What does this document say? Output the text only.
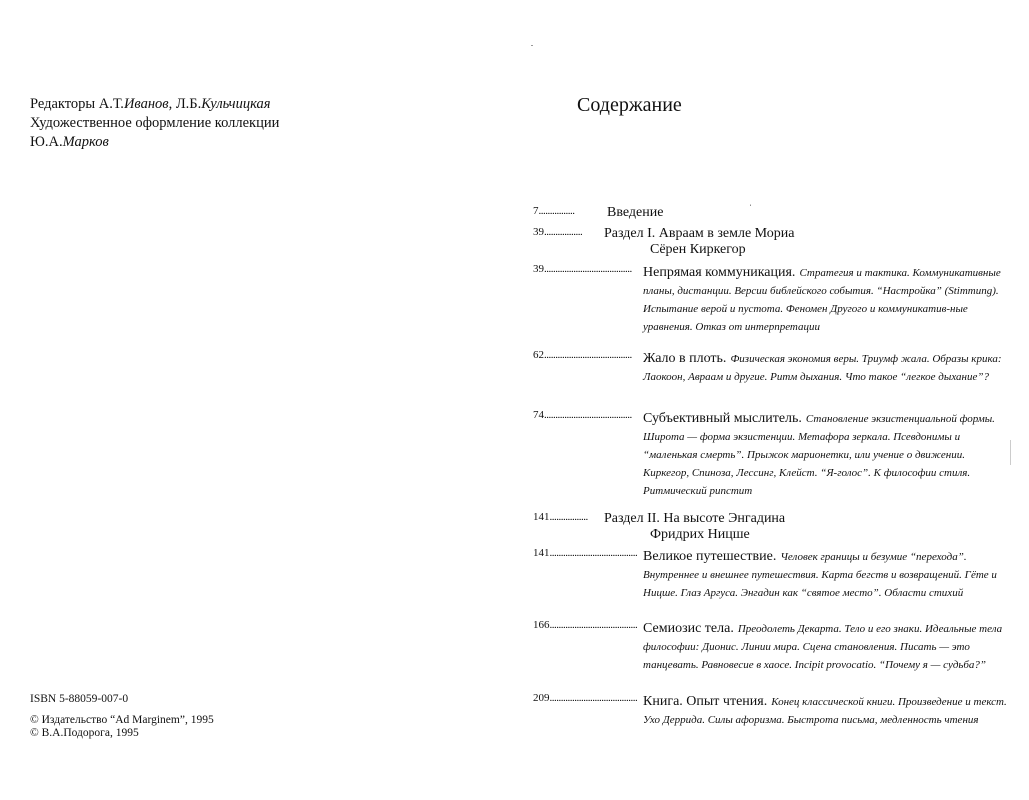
Редакторы А.Т.Иванов, Л.Б.Кульчицкая
Художественное оформление коллекции
Ю.А.Марков
ISBN 5-88059-007-0
© Издательство “Ad Marginem”, 1995
© В.А.Подорога, 1995
Содержание
7................	Введение	ˈ
39.................	Раздел I. Авраам в земле Мориа
Сёрен Киркегор
39....................................... Непрямая коммуникация. Стратегия и тактика. Коммуникативные планы, дистанции. Версии библейского события. “Настройка” (Stimmung). Испытание верой и пустота. Феномен Другого и коммуникатив-ные уравнения. Отказ от интерпретации
62....................................... Жало в плоть. Физическая экономия веры. Триумф жала. Образы крика: Лаокоон, Авраам и другие. Ритм дыхания. Что такое “легкое дыхание”?
74....................................... Субъективный мыслитель. Становление экзистенциальной формы. Широта — форма экзистенции. Метафора зеркала. Псевдонимы и “маленькая смерть”. Прыжок марионетки, или учение о движении. Киркегор, Спиноза, Лессинг, Клейст. “Я-голос”. К философии стиля. Ритмический рипстит
141.................	Раздел II. На высоте Энгадина
Фридрих Ницше
141....................................... Великое путешествие. Человек границы и безумие “перехода”. Внутреннее и внешнее путешествия. Карта бегств и возвращений. Гёте и Ницше. Глаз Аргуса. Энгадин как “святое место”. Области стихий
166....................................... Семиозис тела. Преодолеть Декарта. Тело и его знаки. Идеальные тела философии: Дионис. Линии мира. Сцена становления. Писать — это танцевать. Равновесие в хаосе. Incipit provocatio. “Почему я — судьба?”
209....................................... Книга. Опыт чтения. Конец классической книги. Произведение и текст. Ухо Деррида. Силы афоризма. Быстрота письма, медленность чтения
